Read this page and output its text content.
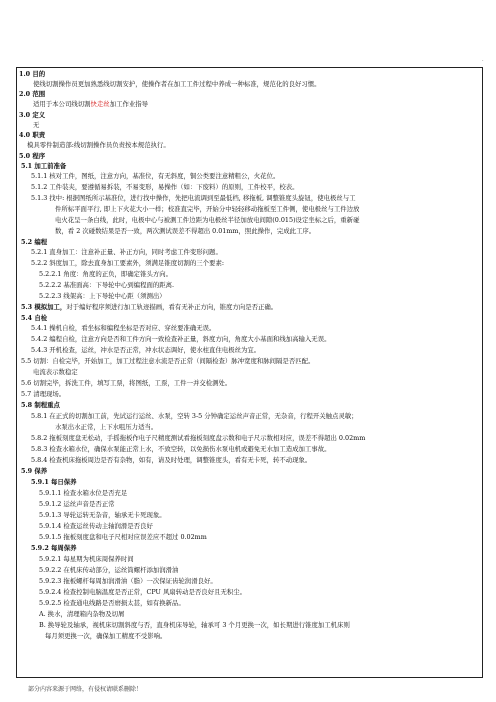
.
1.0 目的
使线切割操作员更加熟悉线切割安护，使操作者在加工工件过程中养成一种标准，规范化的良好习惯。
2.0 范围
适用于本公司线切割快走丝加工作业指导
3.0 定义
无
4.0 职责
模具零件制造部:线切割操作员负责按本规范执行。
5.0 程序
5.1 加工前准备
5.1.1 核对工件，图纸，注意方向，基准位，有无斜度，铜公类要注意精粗公，火花位。
5.1.2 工件装夹，要遵循易拆装，不易变形，易操作（如：下废料）的原则，工件校平，校表。
5.1.3 找中: 根据图纸所示基准位，进行找中操作，先把电流调到至最低档, 移拖板, 调整锥度头旋钮，使电极丝与工
件所标平面平行, 即上下火花大小一样；校准直完毕，开始分中轻轻移动拖板至工件侧，使电极丝与工件边放
电火花呈一条白线，此时，电极中心与被测工件边距为电极丝半径加放电间隙(0.015)设定坐标之后，重新碰
数，看 2 次碰数结果是否一致，两次测试误差不得超出 0.01mm，照此操作，完成此工序。
5.2 编程
5.2.1 直身加工：注意补正量、补正方向，同时考虑工件变形问题。
5.2.2 斜度加工，除去直身加工要素外，须满足锥度切割的三个要素:
5.2.2.1 角度：角度的正负，即确定锥头方向。
5.2.2.2 基准面高：下导轮中心到编程面的距离.
5.2.2.3 线架高：上下导轮中心距（须测出）
5.3 模拟加工，对于编好程序须进行加工轨迹描画，看有无补正方向，锥度方向是否正确。
5.4 自检
5.4.1 操机自检，看坐标和编程坐标是否对应、穿丝要准确无误。
5.4.2 编程自检，注意方向是否和工件方向一致检查补正量，斜度方向，角度大小基面和线加高输入无误。
5.4.3 开机检查，运丝，冲水是否正常，冲水状态调好，使水柱直住电极丝为宜。
5.5 切割：自检完毕，开始加工，加工过程注意水流是否正常（间隔检查）脉冲宽度和脉间隔是否匹配。
电流表示数稳定
5.6 切割完毕，拆洗工件，填写工票，将图纸，工票，工件一并交检测处。
5.7 清理现场。
5.8 制程重点
5.8.1 在正式的切割加工前，先试运行运丝、水泵，空转 3-5 分钟确定运丝声音正常，无杂音，行程开关触点灵敏；
水泵出水正常，上下水咀压力适当。
5.8.2 拖板刻度盘无松动，手摇拖板作电子尺精度测试看拖板刻度盘示数和电子尺示数相对应，误差不得超出 0.02mm
5.8.3 检查水箱水位，确保水泵能正常上水，不致空转，以免损伤水泵电机或避免无水加工造成加工事故。
5.8.4 检查机床拖板周边是否有杂物，如有，请及时处理，调整锥度头，看有无卡死，转不动现象。
5.9 保养
5.9.1 每日保养
5.9.1.1 检查水箱水位是否充足
5.9.1.2 运丝声音是否正常
5.9.1.3 导轮运转无杂音，轴承无卡死现象。
5.9.1.4 检查运丝传动主轴润滑是否良好
5.9.1.5 拖板刻度盘和电子尺相对应误差应不超过 0.02mm
5.9.2 每周保养
5.9.2.1 每星期为机床周保养时间
5.9.2.2 在机床传动部分，运丝筒螺杆添加润滑油
5.9.2.3 拖板螺杆每周加润滑油（脂）一次保证齿轮润滑良好。
5.9.2.4 检查控制电脑温度是否正常，CPU 风扇转动是否良好且无积尘。
5.9.2.5 检查通电线路是否磨损太甚，如有换新品。
A. 换水，清理箱内杂物及切屑
B. 换导轮及轴承，视机床切割斜度与否，直身机床导轮，轴承可 3 个月更换一次，如长期进行锥度加工机床则
每月须更换一次，确保加工精度不受影响。
部分内容来源于网络，有侵权请联系删除！
